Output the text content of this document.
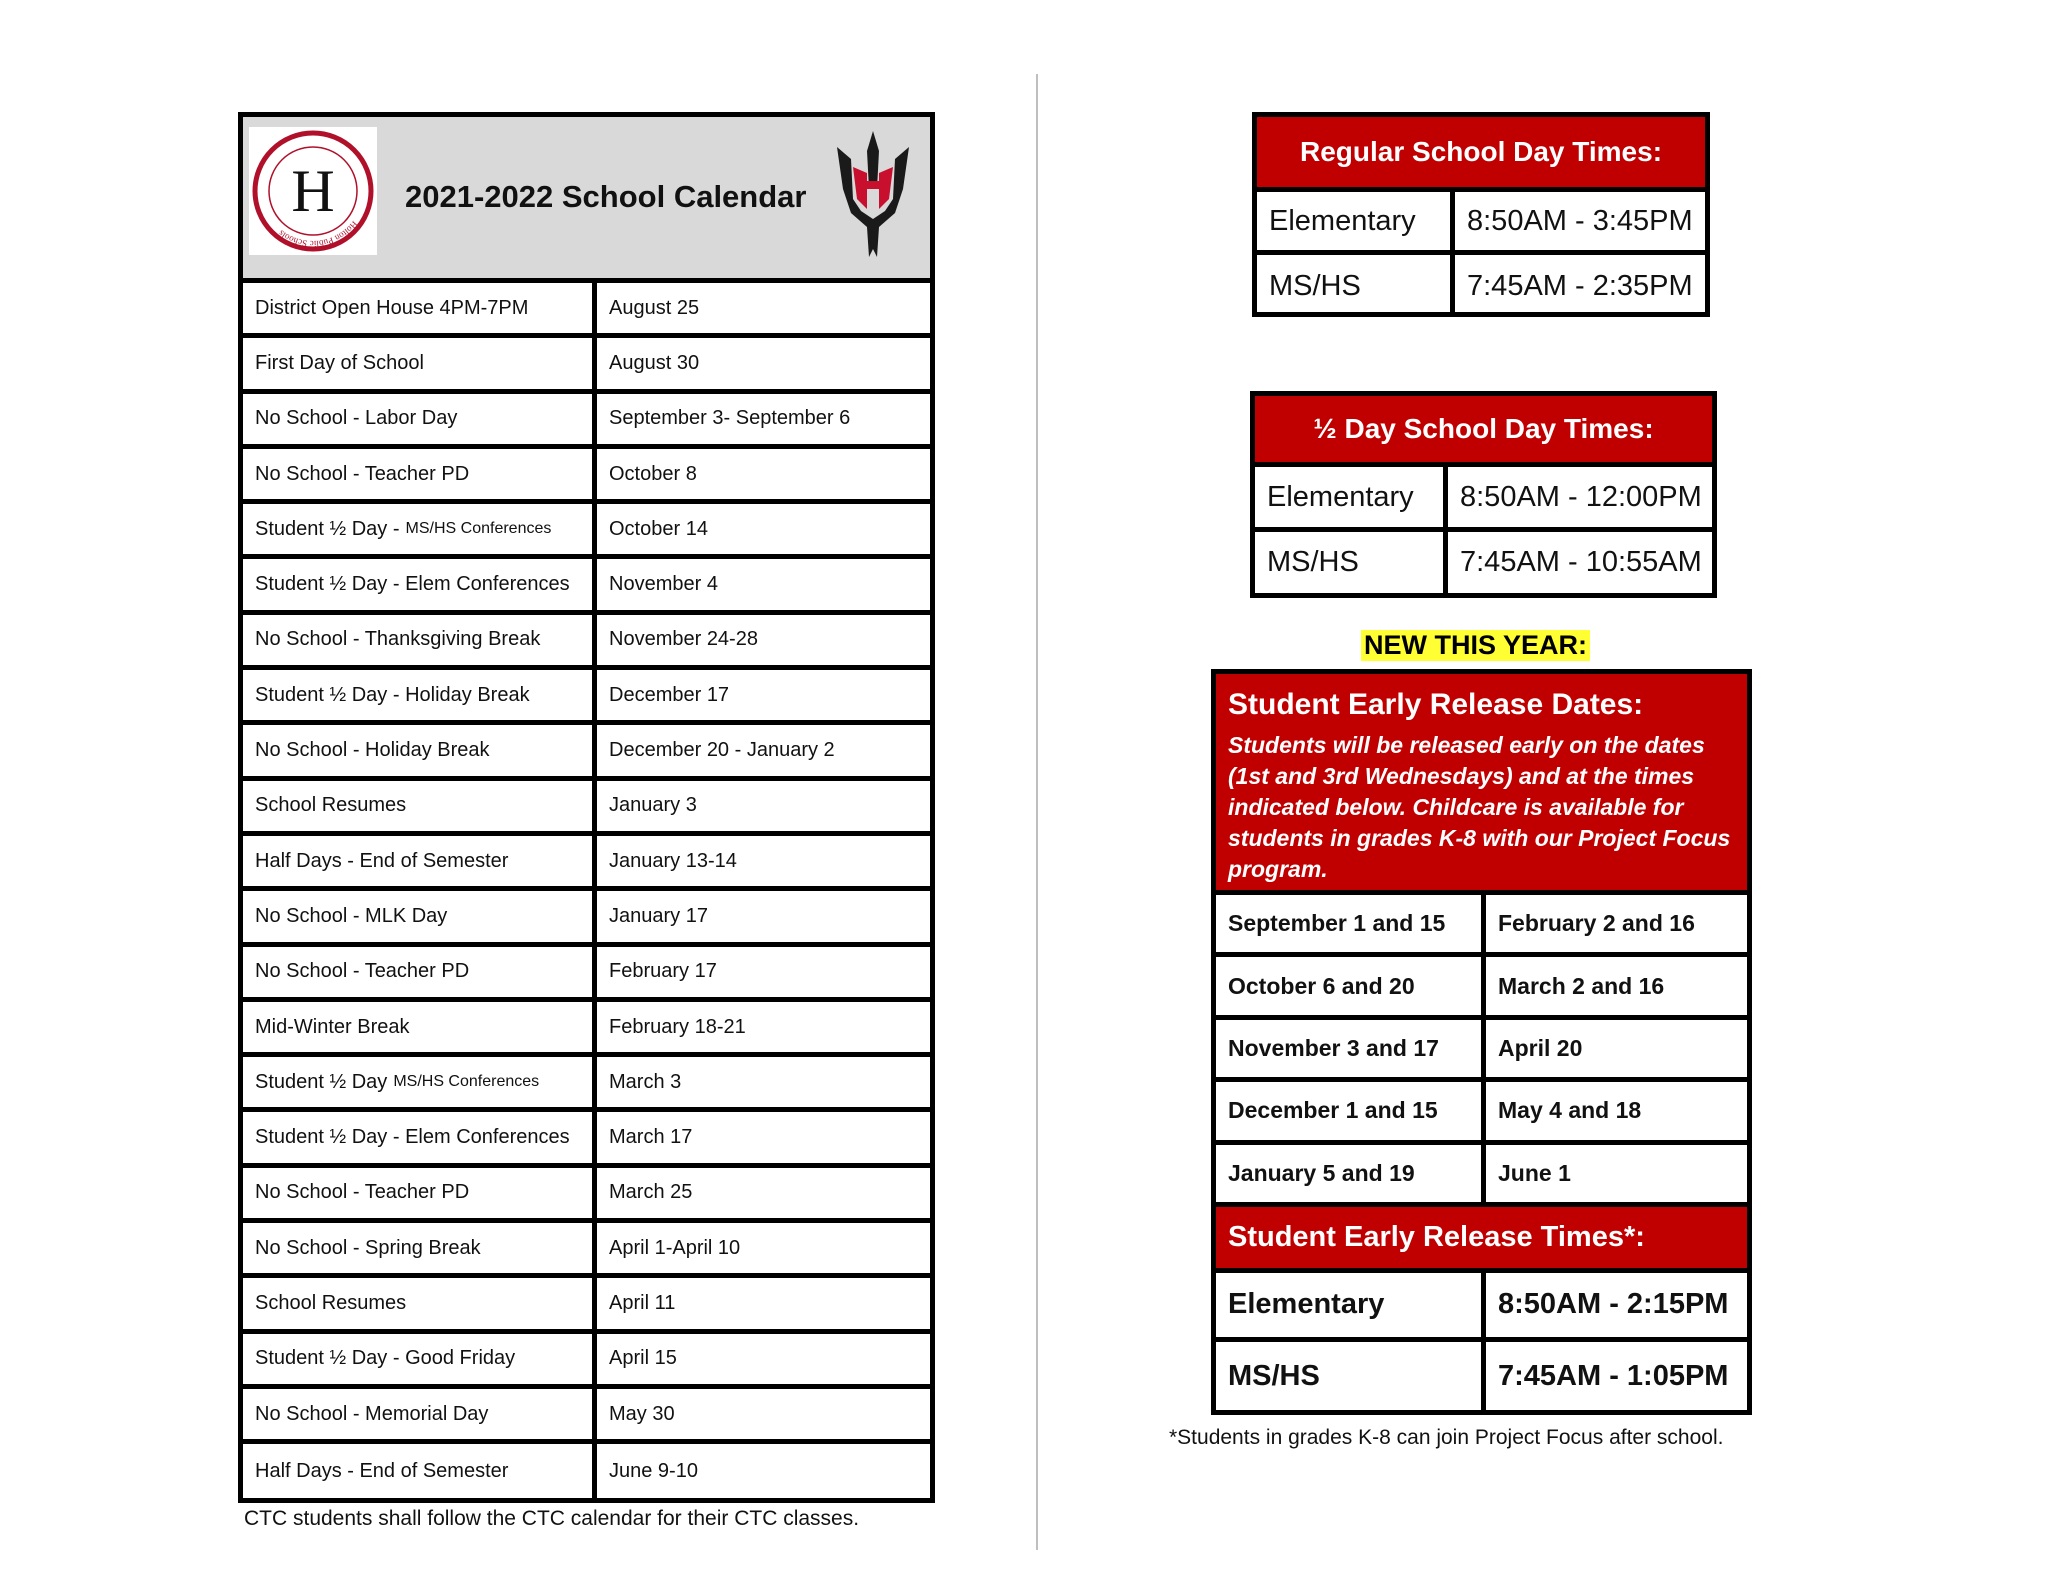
Holton Public Schools
H 2021-2022 School Calendar
District Open House 4PM-7PM	August 25
First Day of School	August 30
No School - Labor Day	September 3- September 6
No School - Teacher PD	October 8
Student ½ Day - MS/HS Conferences	October 14
Student ½ Day - Elem Conferences	November 4
No School - Thanksgiving Break	November 24-28
Student ½ Day - Holiday Break	December 17
No School - Holiday Break	December 20 - January 2
School Resumes	January 3
Half Days - End of Semester	January 13-14
No School - MLK Day	January 17
No School - Teacher PD	February 17
Mid-Winter Break	February 18-21
Student ½ Day MS/HS Conferences	March 3
Student ½ Day - Elem Conferences	March 17
No School - Teacher PD	March 25
No School - Spring Break	April 1-April 10
School Resumes	April 11
Student ½ Day - Good Friday	April 15
No School - Memorial Day	May 30
Half Days - End of Semester	June 9-10
CTC students shall follow the CTC calendar for their CTC classes.
Regular School Day Times:
Elementary	8:50AM - 3:45PM
MS/HS	7:45AM - 2:35PM
½ Day School Day Times:
Elementary	8:50AM - 12:00PM
MS/HS	7:45AM - 10:55AM
NEW THIS YEAR:
Student Early Release Dates:
Students will be released early on the dates (1st and 3rd Wednesdays) and at the times indicated below. Childcare is available for students in grades K-8 with our Project Focus program.
September 1 and 15	February 2 and 16
October 6 and 20	March 2 and 16
November 3 and 17	April 20
December 1 and 15	May 4 and 18
January 5 and 19	June 1
Student Early Release Times*:
Elementary	8:50AM - 2:15PM
MS/HS	7:45AM - 1:05PM
*Students in grades K-8 can join Project Focus after school.
